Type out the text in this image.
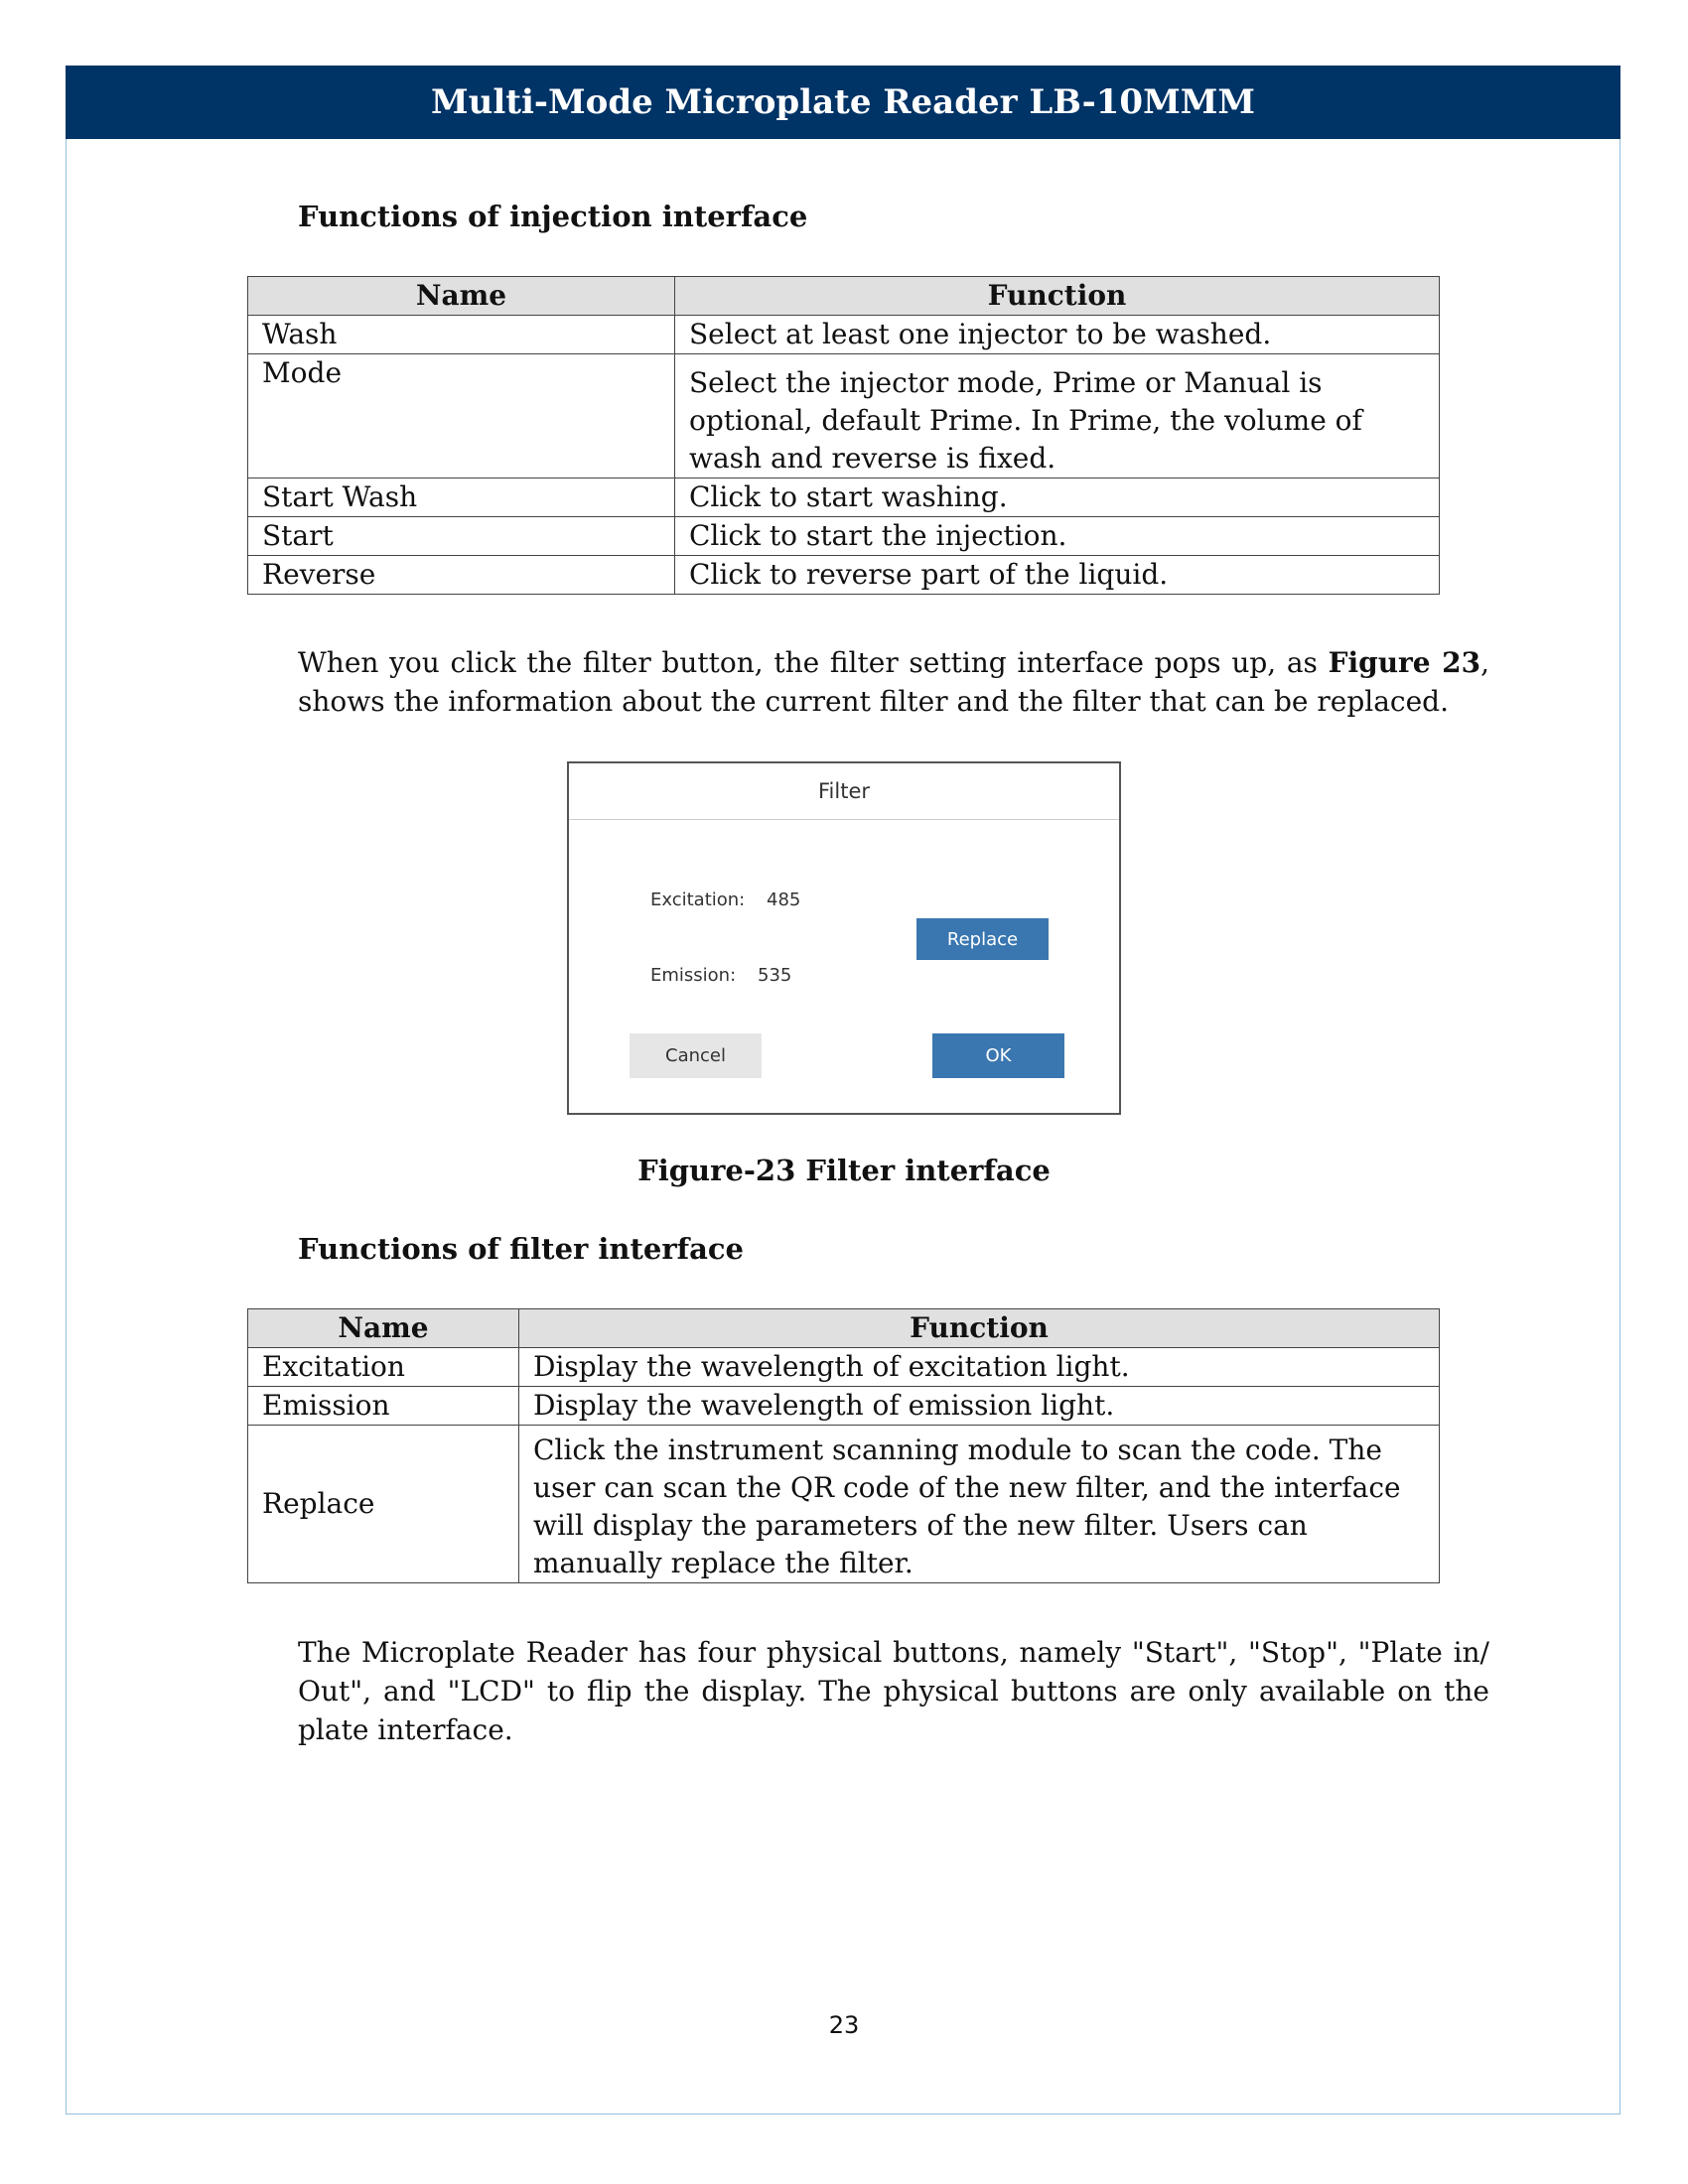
Multi-Mode Microplate Reader LB-10MMM
Functions of injection interface
Name	Function
Wash	Select at least one injector to be washed.
Mode	Select the injector mode, Prime or Manual is optional, default Prime. In Prime, the volume of wash and reverse is fixed.
Start Wash	Click to start washing.
Start	Click to start the injection.
Reverse	Click to reverse part of the liquid.
When you click the filter button, the filter setting interface pops up, as Figure 23, shows the information about the current filter and the filter that can be replaced.
Filter
Excitation: 485
Emission: 535
Replace
Cancel	OK
Figure-23 Filter interface
Functions of filter interface
Name	Function
Excitation	Display the wavelength of excitation light.
Emission	Display the wavelength of emission light.
Replace	Click the instrument scanning module to scan the code. The user can scan the QR code of the new filter, and the interface will display the parameters of the new filter. Users can manually replace the filter.
The Microplate Reader has four physical buttons, namely "Start", "Stop", "Plate in/ Out", and "LCD" to flip the display. The physical buttons are only available on the plate interface.
23
